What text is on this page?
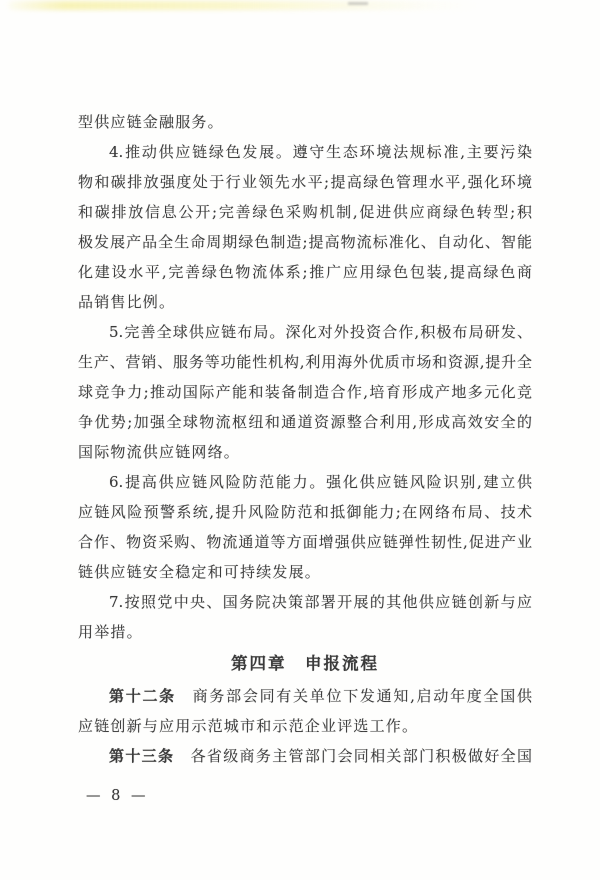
型供应链金融服务。
4.推动供应链绿色发展。遵守生态环境法规标准,主要污染
物和碳排放强度处于行业领先水平;提高绿色管理水平,强化环境
和碳排放信息公开;完善绿色采购机制,促进供应商绿色转型;积
极发展产品全生命周期绿色制造;提高物流标准化、自动化、智能
化建设水平,完善绿色物流体系;推广应用绿色包装,提高绿色商
品销售比例。
5.完善全球供应链布局。深化对外投资合作,积极布局研发、
生产、营销、服务等功能性机构,利用海外优质市场和资源,提升全
球竞争力;推动国际产能和装备制造合作,培育形成产地多元化竞
争优势;加强全球物流枢纽和通道资源整合利用,形成高效安全的
国际物流供应链网络。
6.提高供应链风险防范能力。强化供应链风险识别,建立供
应链风险预警系统,提升风险防范和抵御能力;在网络布局、技术
合作、物资采购、物流通道等方面增强供应链弹性韧性,促进产业
链供应链安全稳定和可持续发展。
7.按照党中央、国务院决策部署开展的其他供应链创新与应
用举措。
第四章　申报流程
第十二条　商务部会同有关单位下发通知,启动年度全国供
应链创新与应用示范城市和示范企业评选工作。
第十三条　各省级商务主管部门会同相关部门积极做好全国
— 8 —
